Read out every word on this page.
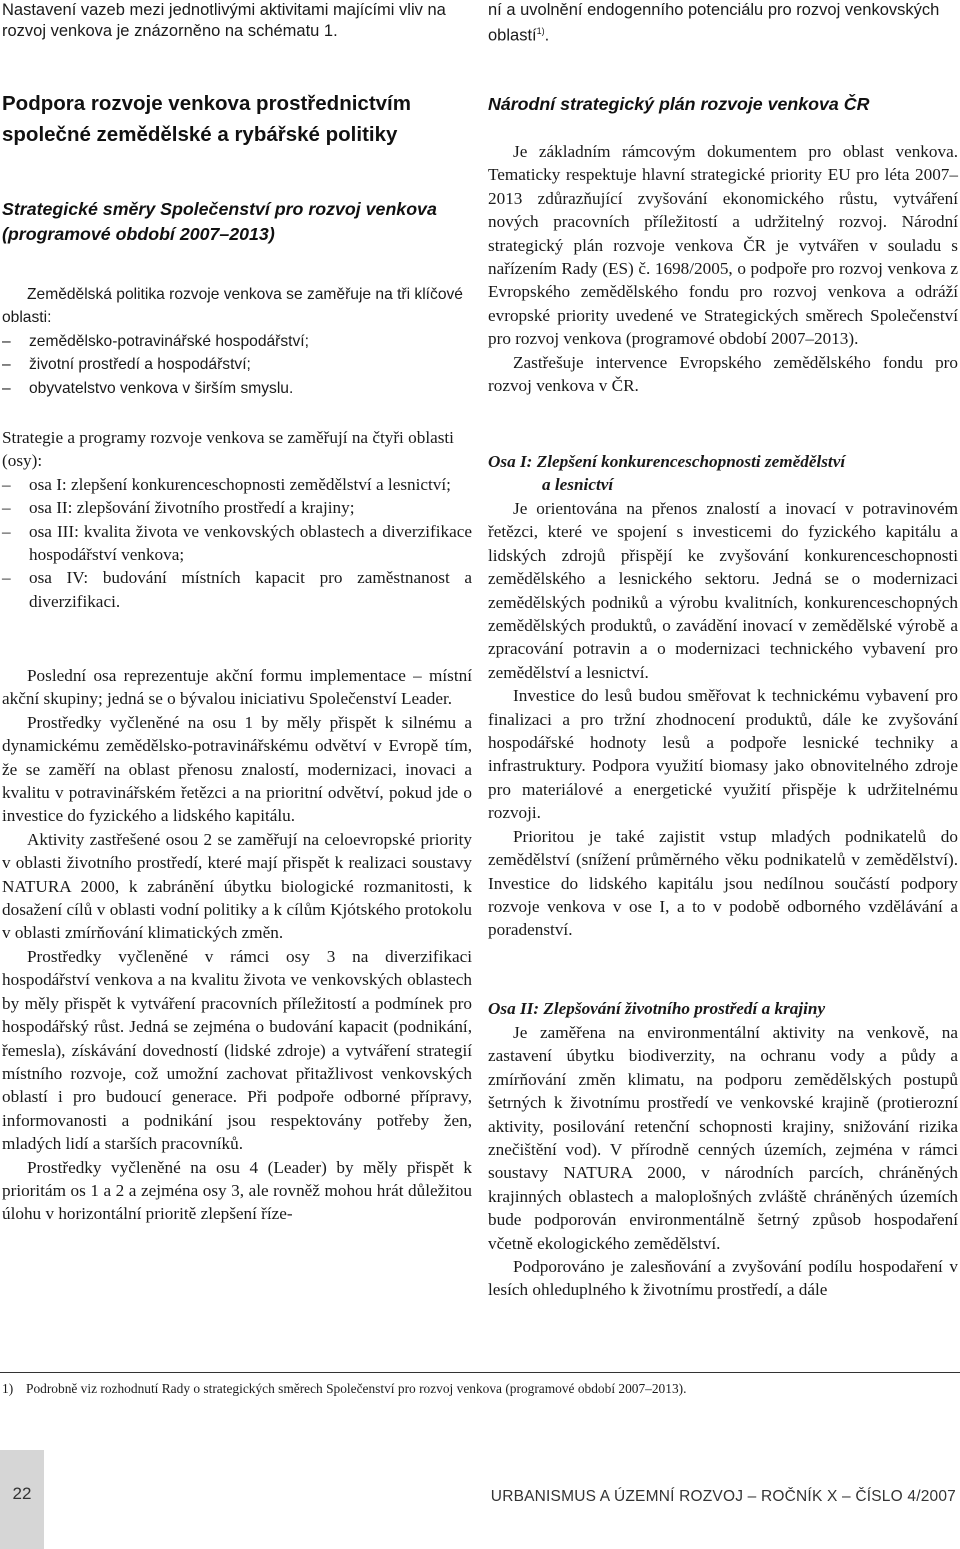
Nastavení vazeb mezi jednotlivými aktivitami majícími vliv na rozvoj venkova je znázorněno na schématu 1.

Podpora rozvoje venkova prostřednictvím společné zemědělské a rybářské politiky

Strategické směry Společenství pro rozvoj venkova (programové období 2007–2013)

Zemědělská politika rozvoje venkova se zaměřuje na tři klíčové oblasti:

– zemědělsko-potravinářské hospodářství;
– životní prostředí a hospodářství;
– obyvatelstvo venkova v širším smyslu.

Strategie a programy rozvoje venkova se zaměřují na čtyři oblasti (osy):

– osa I: zlepšení konkurenceschopnosti zemědělství a lesnictví;
– osa II: zlepšování životního prostředí a krajiny;
– osa III: kvalita života ve venkovských oblastech a diverzifikace hospodářství venkova;
– osa IV: budování místních kapacit pro zaměstnanost a diverzifikaci.

Poslední osa reprezentuje akční formu implementace – místní akční skupiny; jedná se o bývalou iniciativu Společenství Leader.

Prostředky vyčleněné na osu 1 by měly přispět k silnému a dynamickému zemědělsko-potravinářskému odvětví v Evropě tím, že se zaměří na oblast přenosu znalostí, modernizaci, inovaci a kvalitu v potravinářském řetězci a na prioritní odvětví, pokud jde o investice do fyzického a lidského kapitálu.

Aktivity zastřešené osou 2 se zaměřují na celoevropské priority v oblasti životního prostředí, které mají přispět k realizaci soustavy NATURA 2000, k zabránění úbytku biologické rozmanitosti, k dosažení cílů v oblasti vodní politiky a k cílům Kjótského protokolu v oblasti zmírňování klimatických změn.

Prostředky vyčleněné v rámci osy 3 na diverzifikaci hospodářství venkova a na kvalitu života ve venkovských oblastech by měly přispět k vytváření pracovních příležitostí a podmínek pro hospodářský růst. Jedná se zejména o budování kapacit (podnikání, řemesla), získávání dovedností (lidské zdroje) a vytváření strategií místního rozvoje, což umožní zachovat přitažlivost venkovských oblastí i pro budoucí generace. Při podpoře odborné přípravy, informovanosti a podnikání jsou respektovány potřeby žen, mladých lidí a starších pracovníků.

Prostředky vyčleněné na osu 4 (Leader) by měly přispět k prioritám os 1 a 2 a zejména osy 3, ale rovněž mohou hrát důležitou úlohu v horizontální prioritě zlepšení říze-

ní a uvolnění endogenního potenciálu pro rozvoj venkovských oblastí$^{1)}$.

Národní strategický plán rozvoje venkova ČR

Je základním rámcovým dokumentem pro oblast venkova. Tematicky respektuje hlavní strategické priority EU pro léta 2007–2013 zdůrazňující zvyšování ekonomického růstu, vytváření nových pracovních příležitostí a udržitelný rozvoj. Národní strategický plán rozvoje venkova ČR je vytvářen v souladu s nařízením Rady (ES) č. 1698/2005, o podpoře pro rozvoj venkova z Evropského zemědělského fondu pro rozvoj venkova a odráží evropské priority uvedené ve Strategických směrech Společenství pro rozvoj venkova (programové období 2007–2013).

Zastřešuje intervence Evropského zemědělského fondu pro rozvoj venkova v ČR.

Osa I: Zlepšení konkurenceschopnosti zemědělství
a lesnictví

Je orientována na přenos znalostí a inovací v potravinovém řetězci, které ve spojení s investicemi do fyzického kapitálu a lidských zdrojů přispějí ke zvyšování konkurenceschopnosti zemědělského a lesnického sektoru. Jedná se o modernizaci zemědělských podniků a výrobu kvalitních, konkurenceschopných zemědělských produktů, o zavádění inovací v zemědělské výrobě a zpracování potravin a o modernizaci technického vybavení pro zemědělství a lesnictví.

Investice do lesů budou směřovat k technickému vybavení pro finalizaci a pro tržní zhodnocení produktů, dále ke zvyšování hospodářské hodnoty lesů a podpoře lesnické techniky a infrastruktury. Podpora využití biomasy jako obnovitelného zdroje pro materiálové a energetické využití přispěje k udržitelnému rozvoji.

Prioritou je také zajistit vstup mladých podnikatelů do zemědělství (snížení průměrného věku podnikatelů v zemědělství). Investice do lidského kapitálu jsou nedílnou součástí podpory rozvoje venkova v ose I, a to v podobě odborného vzdělávání a poradenství.

Osa II: Zlepšování životního prostředí a krajiny

Je zaměřena na environmentální aktivity na venkově, na zastavení úbytku biodiverzity, na ochranu vody a půdy a zmírňování změn klimatu, na podporu zemědělských postupů šetrných k životnímu prostředí ve venkovské krajině (protierozní aktivity, posilování retenční schopnosti krajiny, snižování rizika znečištění vod). V přírodně cenných územích, zejména v rámci soustavy NATURA 2000, v národních parcích, chráněných krajinných oblastech a maloplošných zvláště chráněných územích bude podporován environmentálně šetrný způsob hospodaření včetně ekologického zemědělství.

Podporováno je zalesňování a zvyšování podílu hospodaření v lesích ohleduplného k životnímu prostředí, a dále

1) Podrobně viz rozhodnutí Rady o strategických směrech Společenství pro rozvoj venkova (programové období 2007–2013).

22	URBANISMUS A ÚZEMNÍ ROZVOJ – ROČNÍK X – ČÍSLO 4/2007
